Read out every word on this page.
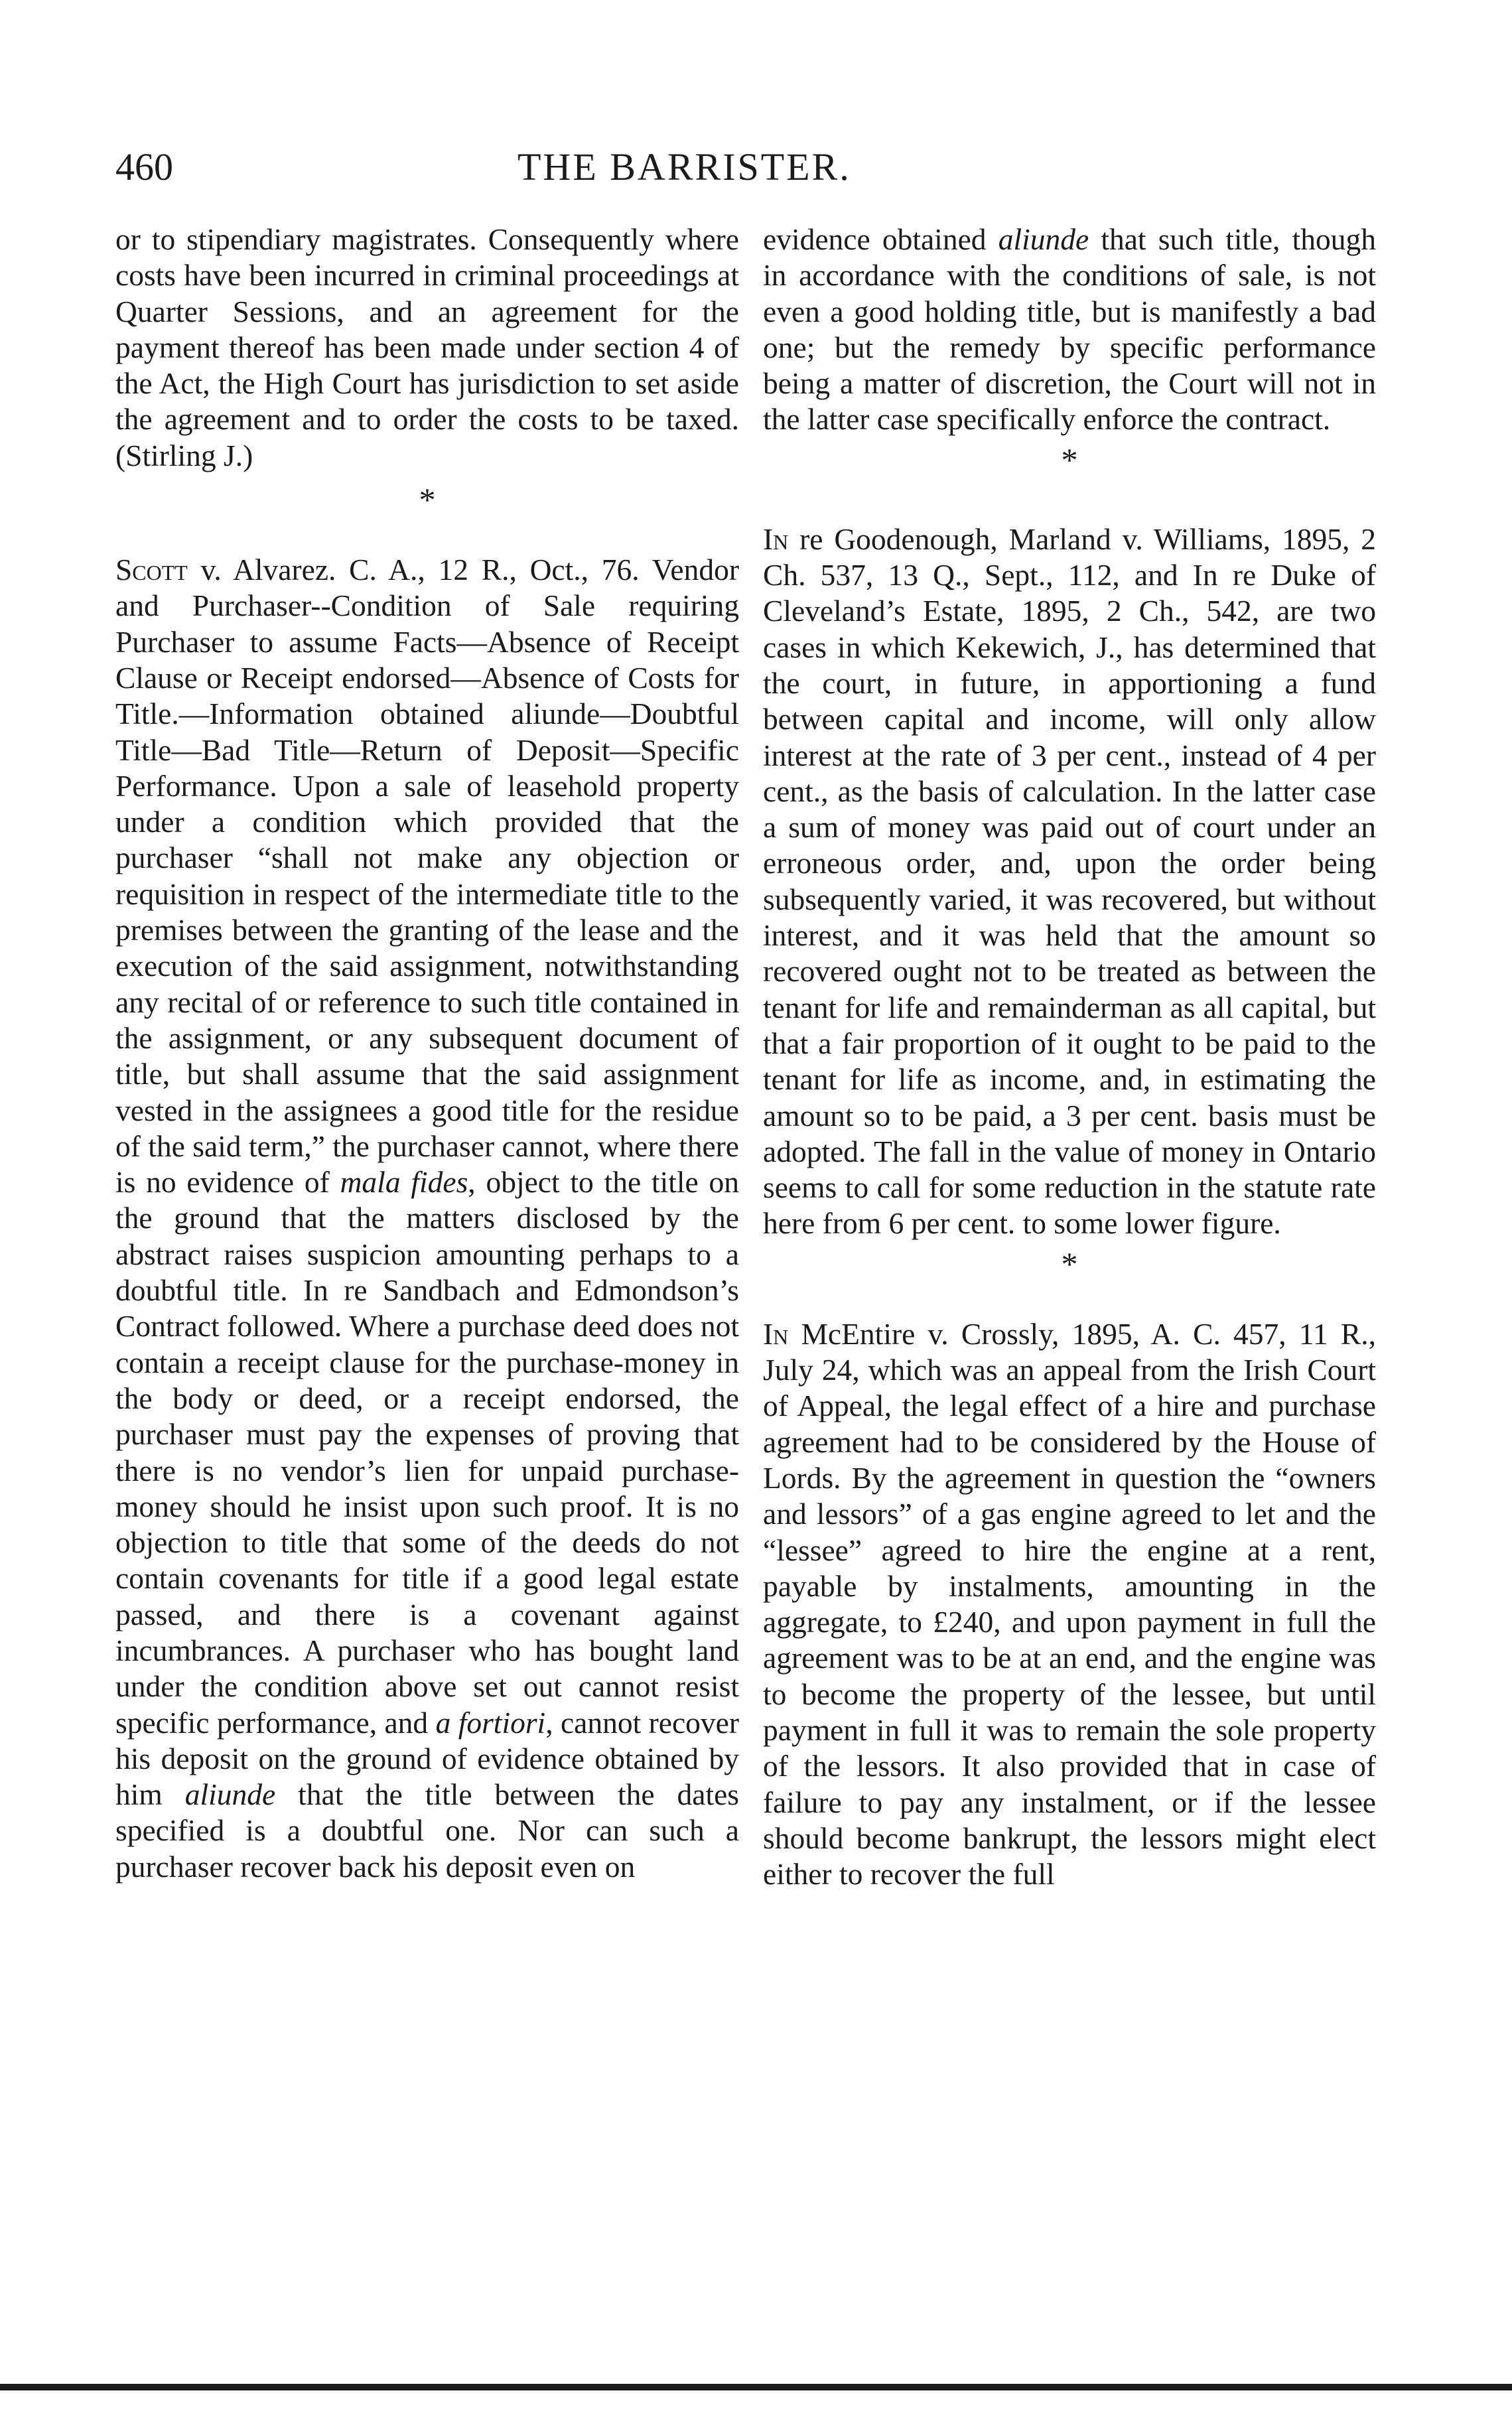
460	THE BARRISTER.

or to stipendiary magistrates. Consequently where costs have been incurred in criminal proceedings at Quarter Sessions, and an agreement for the payment thereof has been made under section 4 of the Act, the High Court has jurisdiction to set aside the agreement and to order the costs to be taxed. (Stirling J.)

*

Scott v. Alvarez. C. A., 12 R., Oct., 76. Vendor and Purchaser--Condition of Sale requiring Purchaser to assume Facts—Absence of Receipt Clause or Receipt endorsed—Absence of Costs for Title.—Information obtained aliunde—Doubtful Title—Bad Title—Return of Deposit—Specific Performance. Upon a sale of leasehold property under a condition which provided that the purchaser “shall not make any objection or requisition in respect of the intermediate title to the premises between the granting of the lease and the execution of the said assignment, notwithstanding any recital of or reference to such title contained in the assignment, or any subsequent document of title, but shall assume that the said assignment vested in the assignees a good title for the residue of the said term,” the purchaser cannot, where there is no evidence of mala fides, object to the title on the ground that the matters disclosed by the abstract raises suspicion amounting perhaps to a doubtful title. In re Sandbach and Edmondson’s Contract followed. Where a purchase deed does not contain a receipt clause for the purchase-money in the body or deed, or a receipt endorsed, the purchaser must pay the expenses of proving that there is no vendor’s lien for unpaid purchase-money should he insist upon such proof. It is no objection to title that some of the deeds do not contain covenants for title if a good legal estate passed, and there is a covenant against incumbrances. A purchaser who has bought land under the condition above set out cannot resist specific performance, and a fortiori, cannot recover his deposit on the ground of evidence obtained by him aliunde that the title between the dates specified is a doubtful one. Nor can such a purchaser recover back his deposit even on

evidence obtained aliunde that such title, though in accordance with the conditions of sale, is not even a good holding title, but is manifestly a bad one; but the remedy by specific performance being a matter of discretion, the Court will not in the latter case specifically enforce the contract.

*

In re Goodenough, Marland v. Williams, 1895, 2 Ch. 537, 13 Q., Sept., 112, and In re Duke of Cleveland’s Estate, 1895, 2 Ch., 542, are two cases in which Kekewich, J., has determined that the court, in future, in apportioning a fund between capital and income, will only allow interest at the rate of 3 per cent., instead of 4 per cent., as the basis of calculation. In the latter case a sum of money was paid out of court under an erroneous order, and, upon the order being subsequently varied, it was recovered, but without interest, and it was held that the amount so recovered ought not to be treated as between the tenant for life and remainderman as all capital, but that a fair proportion of it ought to be paid to the tenant for life as income, and, in estimating the amount so to be paid, a 3 per cent. basis must be adopted. The fall in the value of money in Ontario seems to call for some reduction in the statute rate here from 6 per cent. to some lower figure.

*

In McEntire v. Crossly, 1895, A. C. 457, 11 R., July 24, which was an appeal from the Irish Court of Appeal, the legal effect of a hire and purchase agreement had to be considered by the House of Lords. By the agreement in question the “owners and lessors” of a gas engine agreed to let and the “lessee” agreed to hire the engine at a rent, payable by instalments, amounting in the aggregate, to £240, and upon payment in full the agreement was to be at an end, and the engine was to become the property of the lessee, but until payment in full it was to remain the sole property of the lessors. It also provided that in case of failure to pay any instalment, or if the lessee should become bankrupt, the lessors might elect either to recover the full
